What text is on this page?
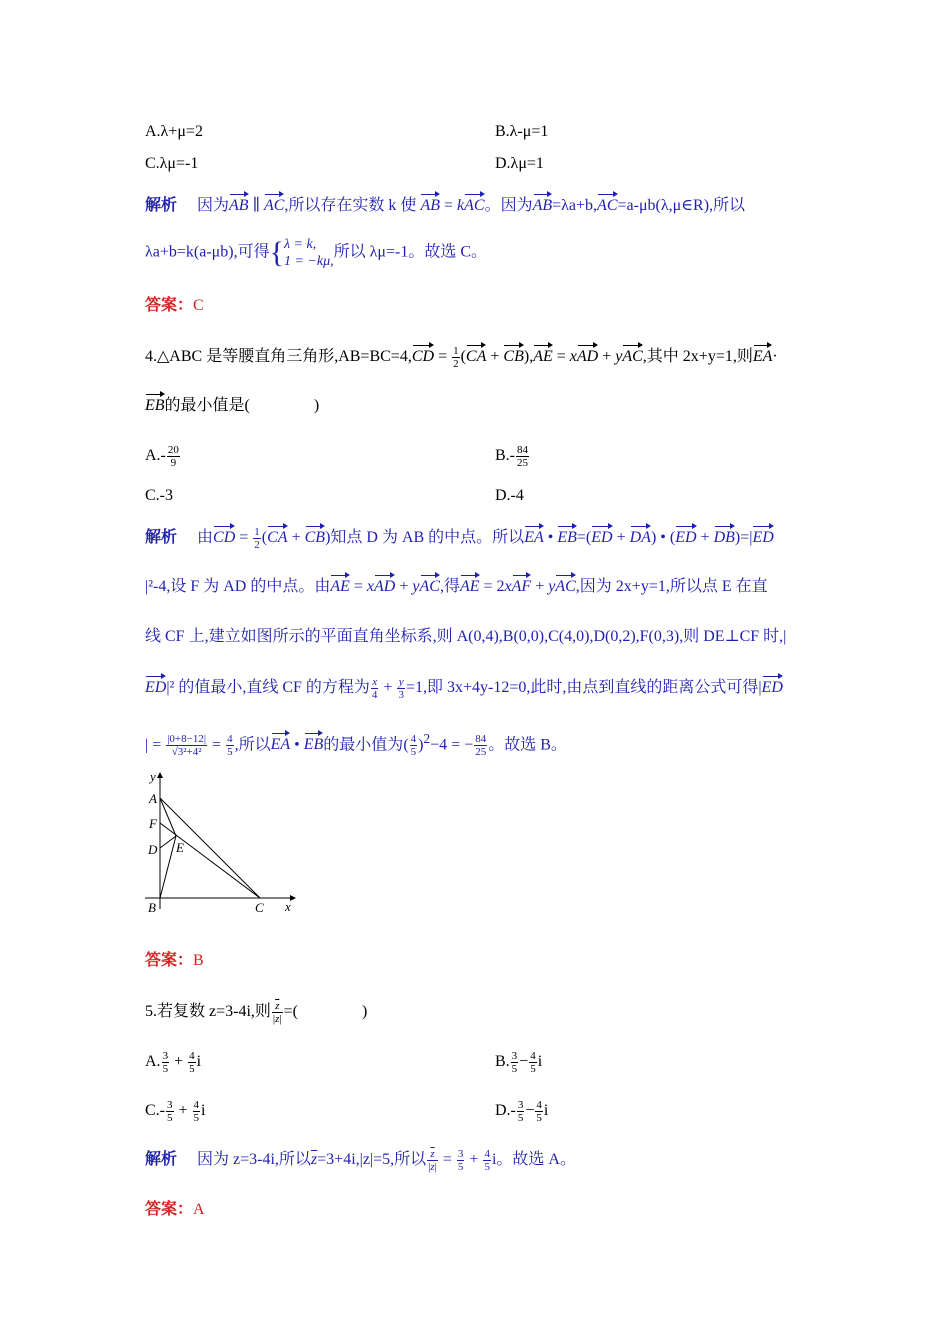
A.λ+μ=2	B.λ-μ=1
C.λμ=-1	D.λμ=1
解析 因为AB ∥ AC,所以存在实数 k 使 AB = kAC。因为AB=λa+b,AC=a-μb(λ,μ∈R),所以
λa+b=k(a-μb),可得{ λ = k,
1 = −kμ,
所以 λμ=-1。故选 C。
答案：C
4.△ABC 是等腰直角三角形$,AB=BC=4,CD = \frac{1}{2} (CA + CB),AE$ = xAD + yAC,其中 2x+y=1,则EA·
EB的最小值是(　　　　)
$A.- \frac{20}{9}$	$B.- \frac{84}{25}$
C.-3	D.-4
解析 由CD = $\frac{1}{2} (CA + CB)$知点 D 为 AB 的中点。所以EA • EB=(ED + DA) • (ED + DB)=|ED
|²-4,设 F 为 AD 的中点。由AE = xAD + yAC,得AE = 2xAF + yAC,因为 2x+y=1,所以点 E 在直
线 CF 上,建立如图所示的平面直角坐标系,则 A(0,4),B(0,0),C(4,0),D(0,2),F(0,3),则 DE⊥CF 时,|
ED|² 的值最小,直线 CF 的方程为 $\frac{x}{4} + \frac{y}{3} =1$,即 3x+4y-12=0,此时,由点到直线的距离公式可得|ED
| = $\frac{|0+8-12|}{\text{√3²+4²}} = \frac{4}{5}$ ,所以EA • EB的最小值为( $\frac{4}{5} )^2-4$ = − $\frac{84}{25}$ 。故选 B。
y
A
F
D E
B	C x
答案：B
5.若复数 z=3-4i,则 $\frac{\overline{z}}{|z|}$ =(　　　　)
A. $\frac{3}{5} + \frac{4}{5}$ i	B. $\frac{3}{5} - \frac{4}{5}$ i
$C.- \frac{3}{5} + \frac{4}{5}$ i	$D.- \frac{3}{5} - \frac{4}{5}$ i
解析 因为 z=3-4i,所以$\overline{z}=3+4i,|z|=5$,所以 $\frac{\overline{z}}{|z|} = \frac{3}{5} + \frac{4}{5}$ i。故选 A。
答案：A
